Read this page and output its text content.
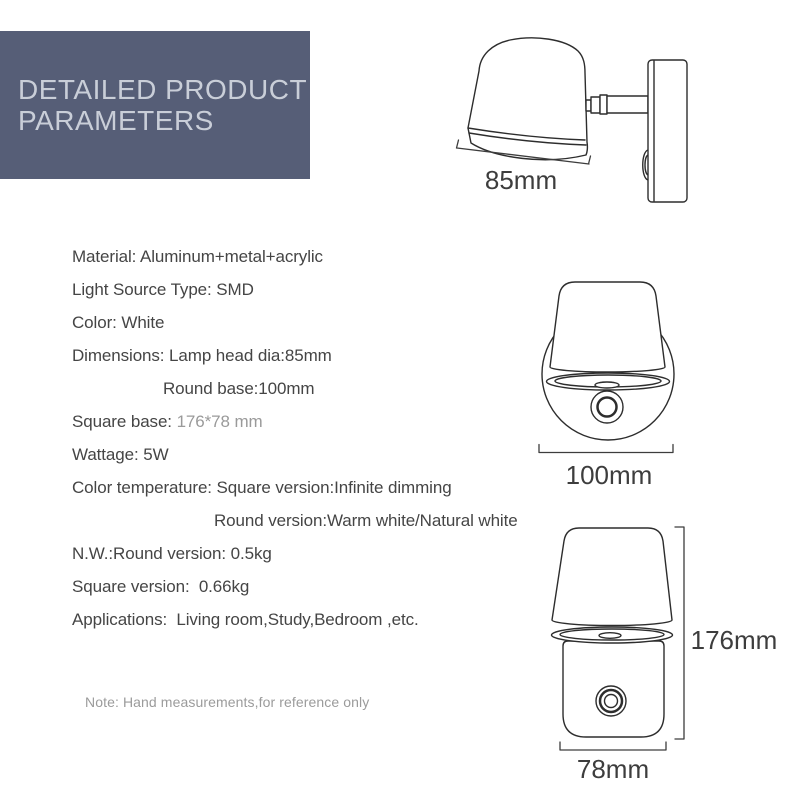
DETAILED PRODUCT
PARAMETERS
Material: Aluminum+metal+acrylic
Light Source Type: SMD
Color: White
Dimensions: Lamp head dia:85mm
Round base:100mm
Square base: 176*78 mm
Wattage: 5W
Color temperature: Square version:Infinite dimming
Round version:Warm white/Natural white
N.W.:Round version: 0.5kg
Square version:  0.66kg
Applications:  Living room,Study,Bedroom ,etc.
Note: Hand measurements,for reference only
85mm
100mm
176mm
78mm
